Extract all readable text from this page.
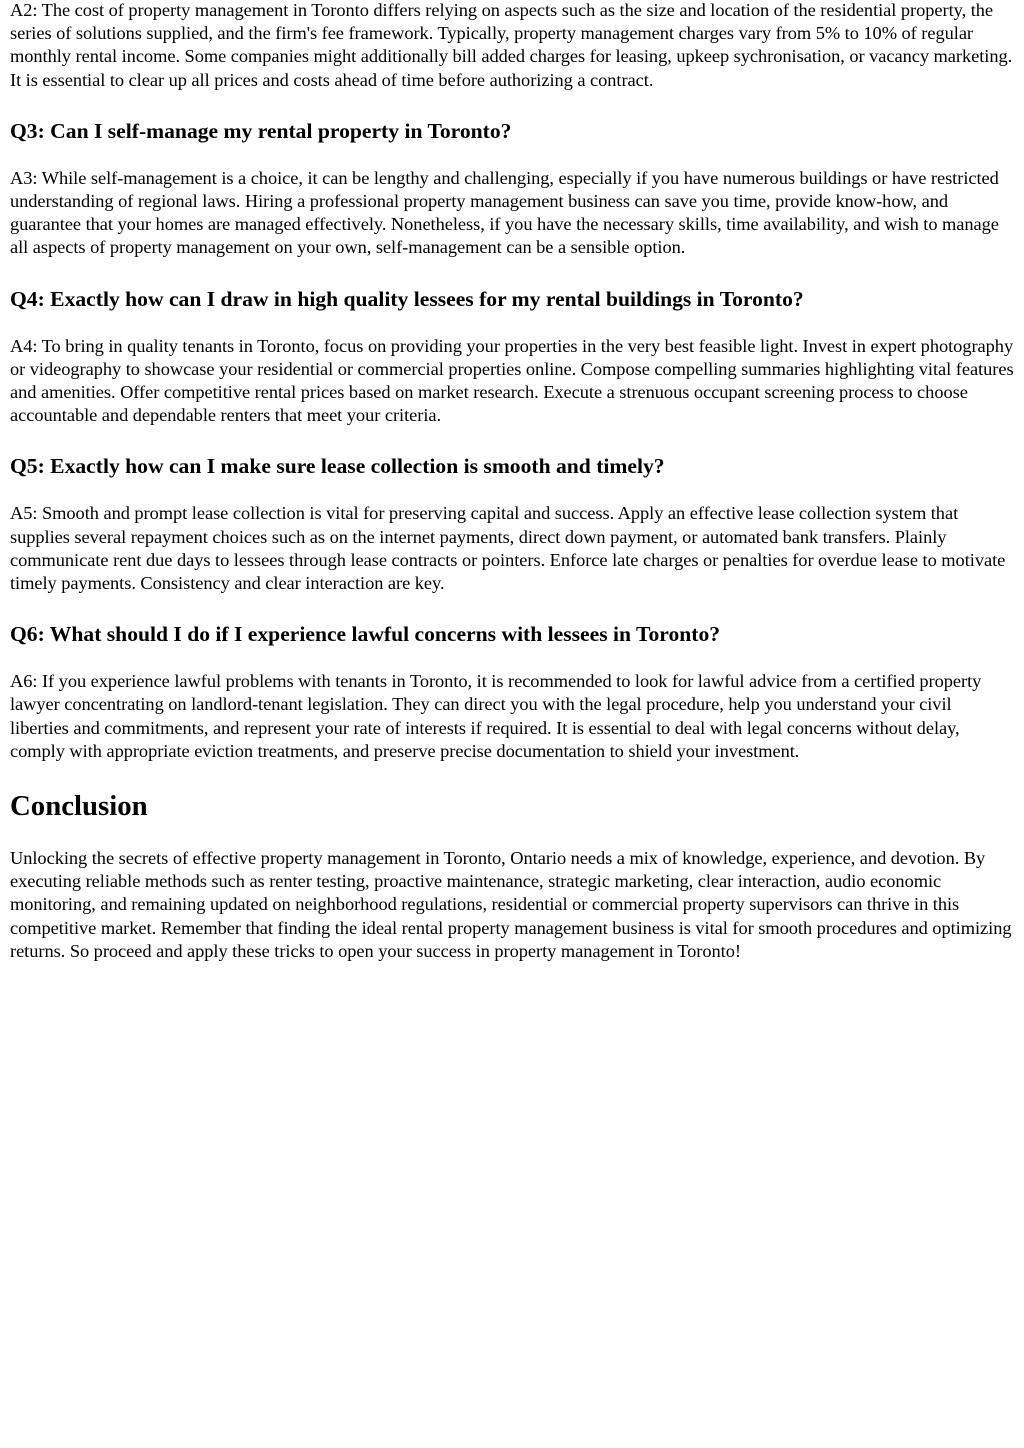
A2: The cost of property management in Toronto differs relying on aspects such as the size and location of the residential property, the series of solutions supplied, and the firm's fee framework. Typically, property management charges vary from 5% to 10% of regular monthly rental income. Some companies might additionally bill added charges for leasing, upkeep sychronisation, or vacancy marketing. It is essential to clear up all prices and costs ahead of time before authorizing a contract.

Q3: Can I self-manage my rental property in Toronto?

A3: While self-management is a choice, it can be lengthy and challenging, especially if you have numerous buildings or have restricted understanding of regional laws. Hiring a professional property management business can save you time, provide know-how, and guarantee that your homes are managed effectively. Nonetheless, if you have the necessary skills, time availability, and wish to manage all aspects of property management on your own, self-management can be a sensible option.

Q4: Exactly how can I draw in high quality lessees for my rental buildings in Toronto?

A4: To bring in quality tenants in Toronto, focus on providing your properties in the very best feasible light. Invest in expert photography or videography to showcase your residential or commercial properties online. Compose compelling summaries highlighting vital features and amenities. Offer competitive rental prices based on market research. Execute a strenuous occupant screening process to choose accountable and dependable renters that meet your criteria.

Q5: Exactly how can I make sure lease collection is smooth and timely?

A5: Smooth and prompt lease collection is vital for preserving capital and success. Apply an effective lease collection system that supplies several repayment choices such as on the internet payments, direct down payment, or automated bank transfers. Plainly communicate rent due days to lessees through lease contracts or pointers. Enforce late charges or penalties for overdue lease to motivate timely payments. Consistency and clear interaction are key.

Q6: What should I do if I experience lawful concerns with lessees in Toronto?

A6: If you experience lawful problems with tenants in Toronto, it is recommended to look for lawful advice from a certified property lawyer concentrating on landlord-tenant legislation. They can direct you with the legal procedure, help you understand your civil liberties and commitments, and represent your rate of interests if required. It is essential to deal with legal concerns without delay, comply with appropriate eviction treatments, and preserve precise documentation to shield your investment.

Conclusion

Unlocking the secrets of effective property management in Toronto, Ontario needs a mix of knowledge, experience, and devotion. By executing reliable methods such as renter testing, proactive maintenance, strategic marketing, clear interaction, audio economic monitoring, and remaining updated on neighborhood regulations, residential or commercial property supervisors can thrive in this competitive market. Remember that finding the ideal rental property management business is vital for smooth procedures and optimizing returns. So proceed and apply these tricks to open your success in property management in Toronto!
